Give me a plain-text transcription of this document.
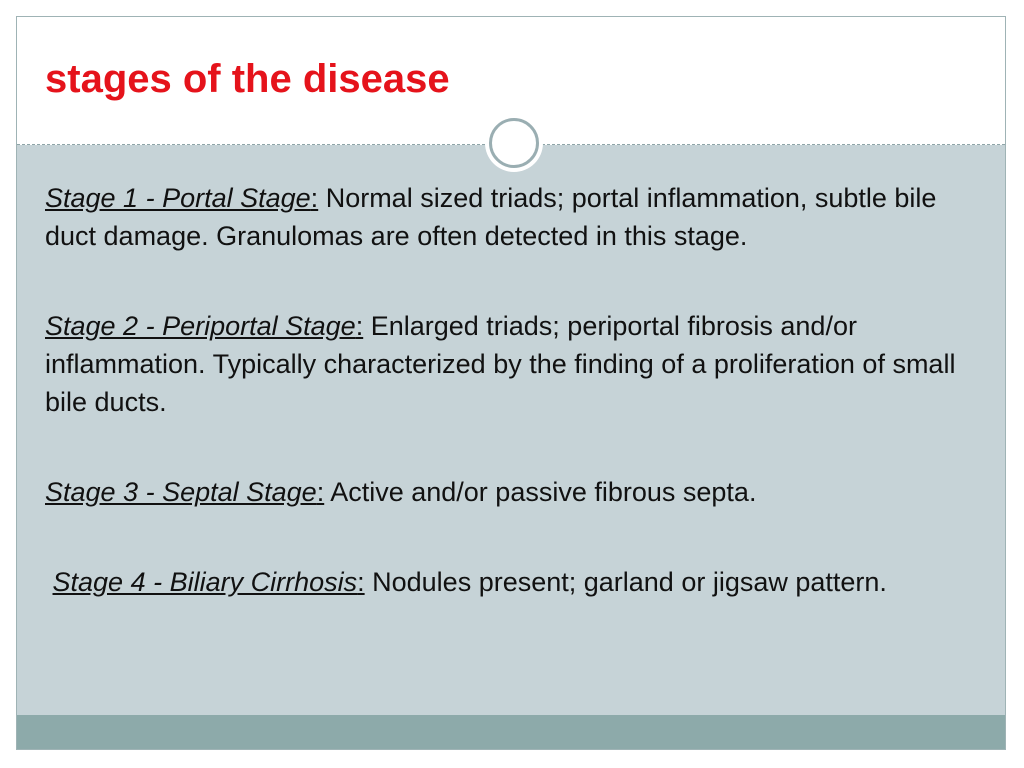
stages of the disease

Stage 1 - Portal Stage: Normal sized triads; portal inflammation, subtle bile duct damage. Granulomas are often detected in this stage.

Stage 2 - Periportal Stage: Enlarged triads; periportal fibrosis and/or inflammation. Typically characterized by the finding of a proliferation of small bile ducts.

Stage 3 - Septal Stage: Active and/or passive fibrous septa.

Stage 4 - Biliary Cirrhosis: Nodules present; garland or jigsaw pattern.
